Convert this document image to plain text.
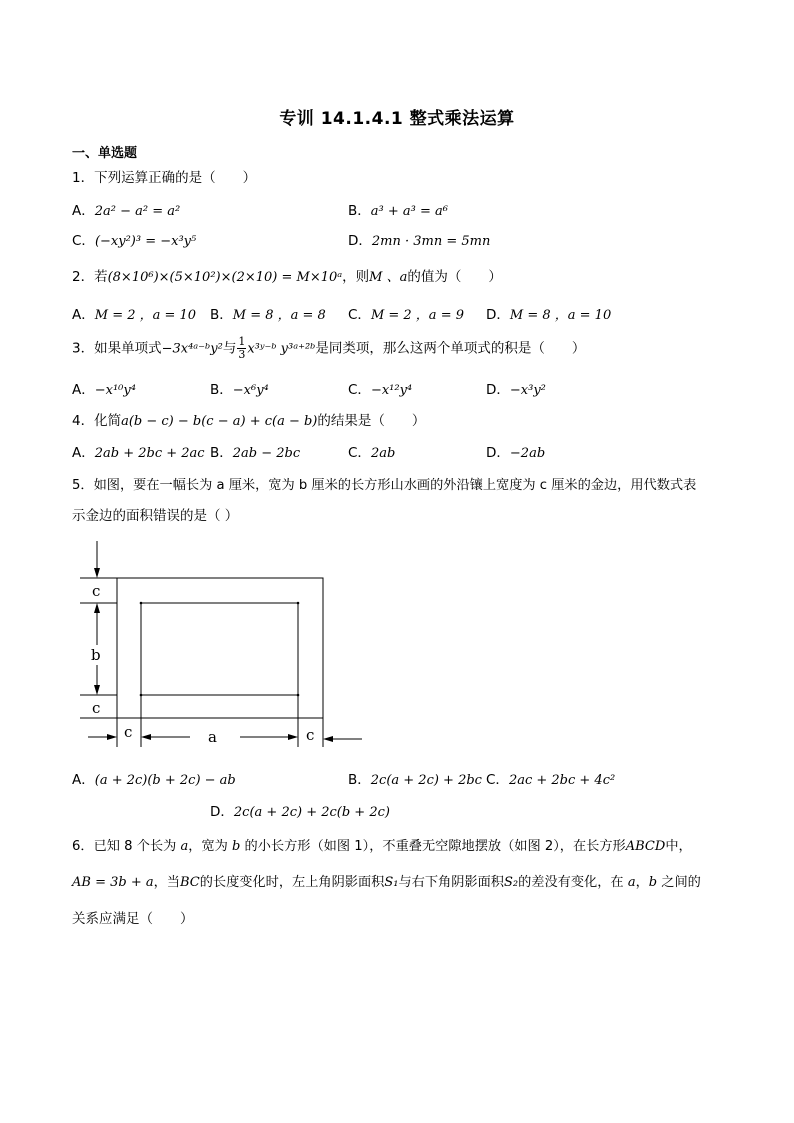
专训 14.1.4.1 整式乘法运算
一、单选题
1．下列运算正确的是（　　）
A．2a² − a² = a²	B．a³ + a³ = a⁶
C．(−xy²)³ = −x³y⁵	D．2mn · 3mn = 5mn
2．若(8×10⁶)×(5×10²)×(2×10) = M×10ᵃ，则M 、a的值为（　　）
A．M = 2 ，a = 10 B．M = 8 ，a = 8 C．M = 2 ，a = 9 D．M = 8 ，a = 10
3．如果单项式−3x⁴ᵃ⁻ᵇy²与 $\frac{1}{3}$ x³ʸ⁻ᵇ y³ᵃ⁺²ᵇ是同类项，那么这两个单项式的积是（　　）
A．−x¹⁰y⁴	B．−x⁶y⁴	C．−x¹²y⁴	D．−x³y²
4．化简a(b − c) − b(c − a) + c(a − b)的结果是（　　）
A．2ab + 2bc + 2ac B．2ab − 2bc	C．2ab	D．−2ab
5．如图，要在一幅长为 a 厘米，宽为 b 厘米的长方形山水画的外沿镶上宽度为 c 厘米的金边，用代数式表
示金边的面积错误的是（ ）
c
b
c
c	a	c
A．(a + 2c)(b + 2c) − ab	B．2c(a + 2c) + 2bc C．2ac + 2bc + 4c²
D．2c(a + 2c) + 2c(b + 2c)
6．已知 8 个长为 a，宽为 b 的小长方形（如图 1），不重叠无空隙地摆放（如图 2），在长方形ABCD中，
AB = 3b + a，当BC的长度变化时，左上角阴影面积S₁与右下角阴影面积S₂的差没有变化，在 a，b 之间的
关系应满足（　　）
